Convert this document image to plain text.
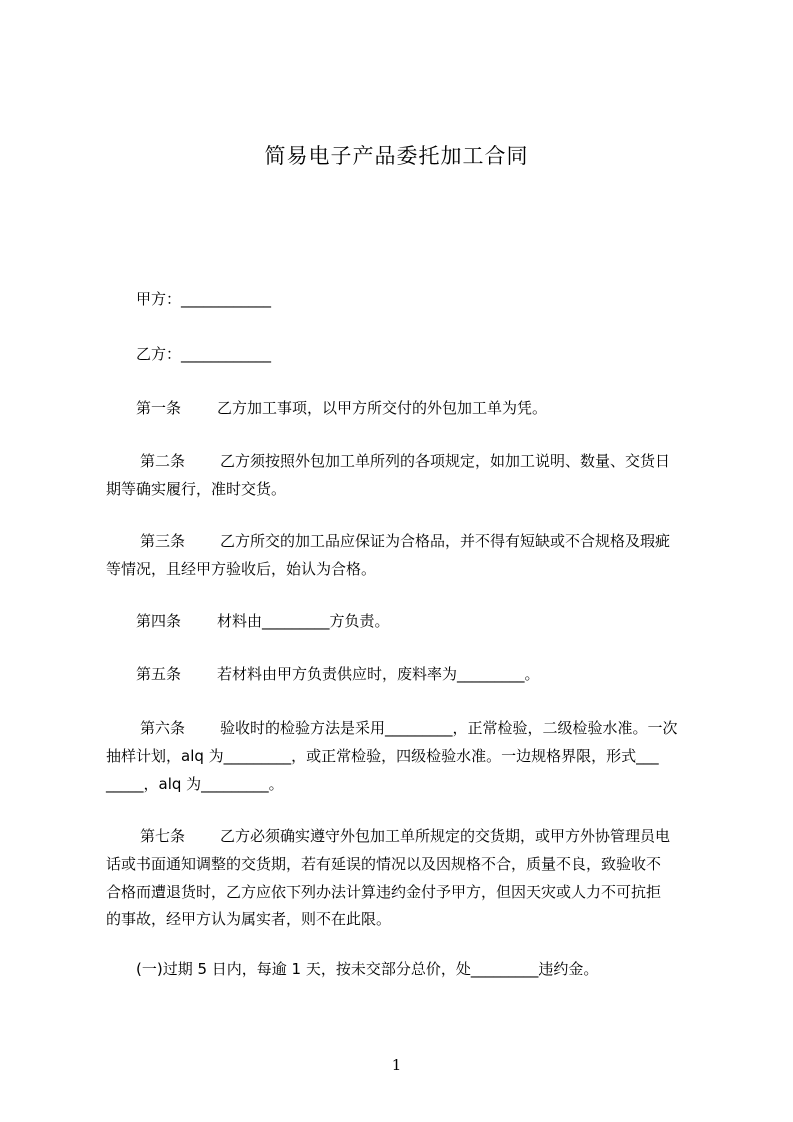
简易电子产品委托加工合同
甲方：____________
乙方：____________
第一条 乙方加工事项，以甲方所交付的外包加工单为凭。
第二条 乙方须按照外包加工单所列的各项规定，如加工说明、数量、交货日
期等确实履行，准时交货。
第三条 乙方所交的加工品应保证为合格品，并不得有短缺或不合规格及瑕疵
等情况，且经甲方验收后，始认为合格。
第四条 材料由_________方负责。
第五条 若材料由甲方负责供应时，废料率为_________。
第六条 验收时的检验方法是采用_________，正常检验，二级检验水准。一次
抽样计划，alq 为_________，或正常检验，四级检验水准。一边规格界限，形式___
_____，alq 为_________。
第七条 乙方必须确实遵守外包加工单所规定的交货期，或甲方外协管理员电
话或书面通知调整的交货期，若有延误的情况以及因规格不合，质量不良，致验收不
合格而遭退货时，乙方应依下列办法计算违约金付予甲方，但因天灾或人力不可抗拒
的事故，经甲方认为属实者，则不在此限。
(一)过期 5 日内，每逾 1 天，按未交部分总价，处_________违约金。
1
